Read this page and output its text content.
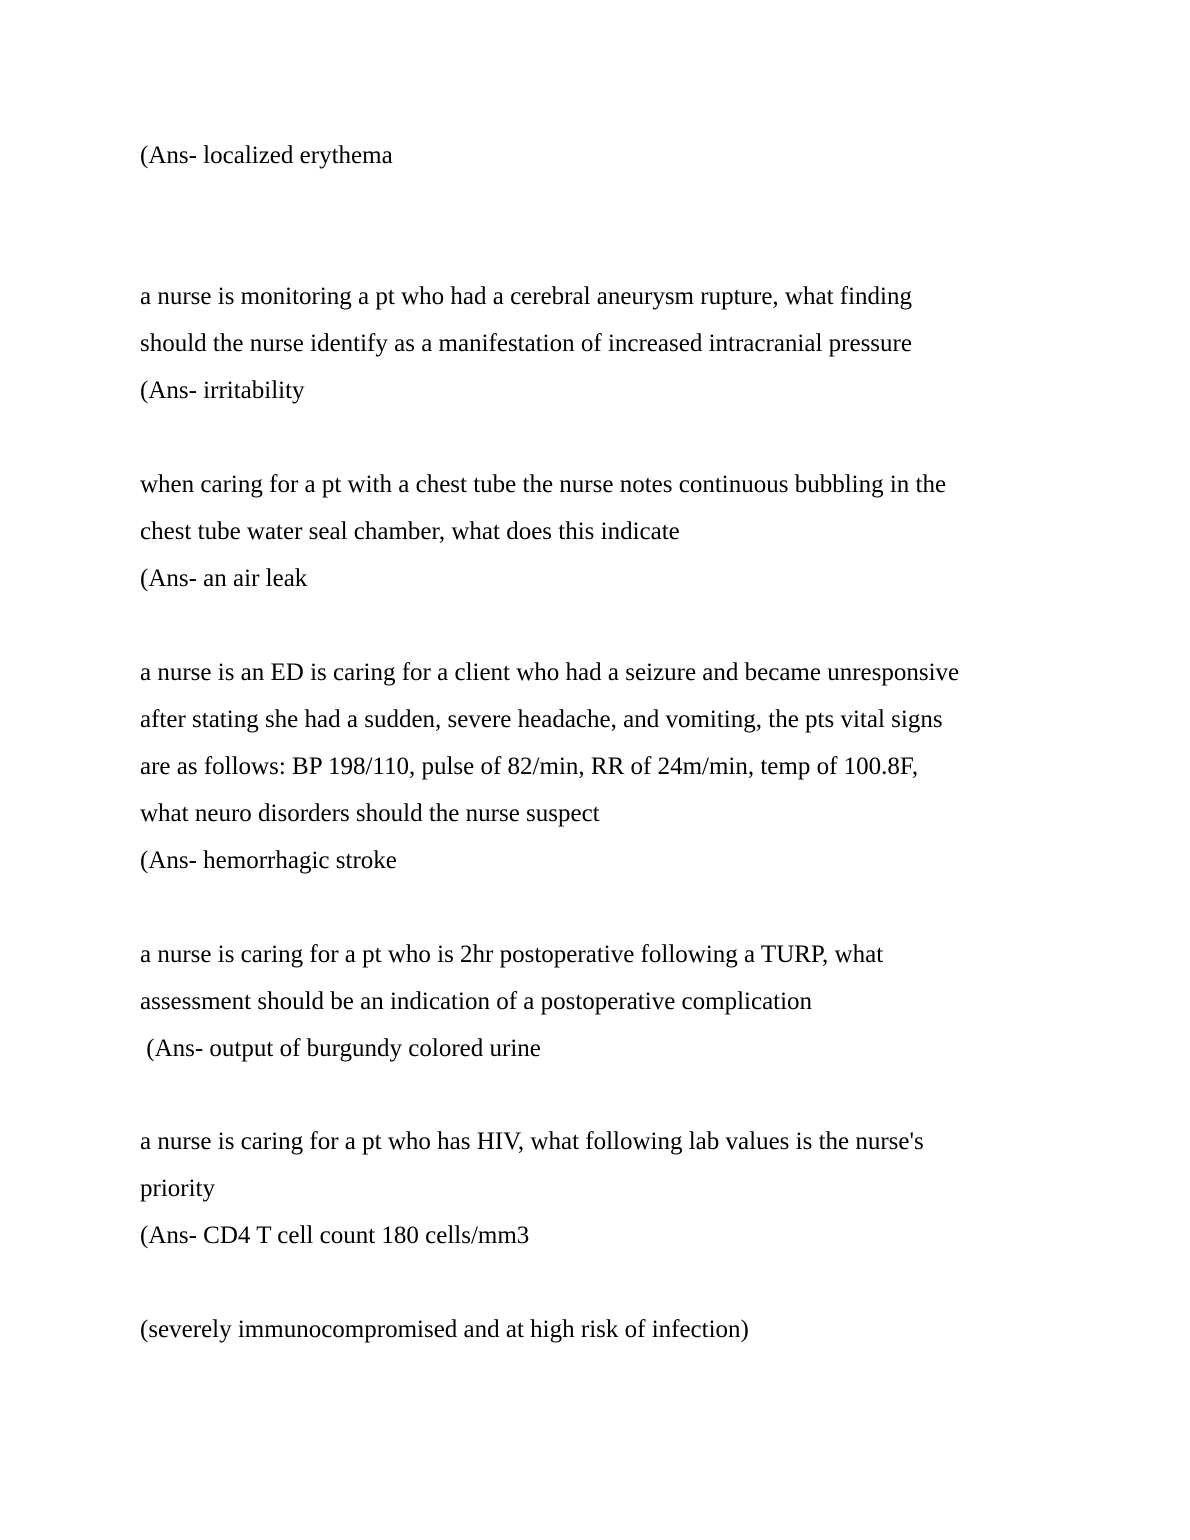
(Ans- localized erythema
a nurse is monitoring a pt who had a cerebral aneurysm rupture, what finding
should the nurse identify as a manifestation of increased intracranial pressure
(Ans- irritability
when caring for a pt with a chest tube the nurse notes continuous bubbling in the
chest tube water seal chamber, what does this indicate
(Ans- an air leak
a nurse is an ED is caring for a client who had a seizure and became unresponsive
after stating she had a sudden, severe headache, and vomiting, the pts vital signs
are as follows: BP 198/110, pulse of 82/min, RR of 24m/min, temp of 100.8F,
what neuro disorders should the nurse suspect
(Ans- hemorrhagic stroke
a nurse is caring for a pt who is 2hr postoperative following a TURP, what
assessment should be an indication of a postoperative complication
(Ans- output of burgundy colored urine
a nurse is caring for a pt who has HIV, what following lab values is the nurse's
priority
(Ans- CD4 T cell count 180 cells/mm3
(severely immunocompromised and at high risk of infection)
